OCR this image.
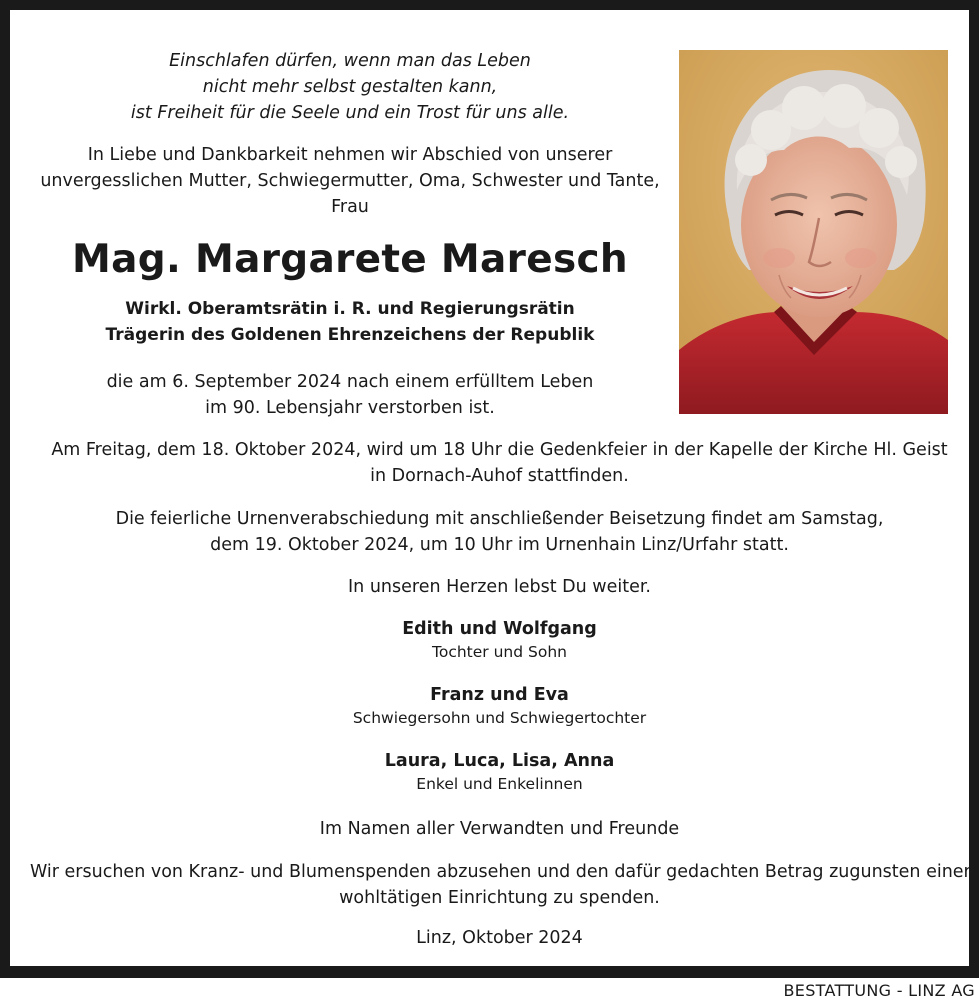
Einschlafen dürfen, wenn man das Leben
nicht mehr selbst gestalten kann,
ist Freiheit für die Seele und ein Trost für uns alle.
In Liebe und Dankbarkeit nehmen wir Abschied von unserer
unvergesslichen Mutter, Schwiegermutter, Oma, Schwester und Tante,
Frau
Mag. Margarete Maresch
Wirkl. Oberamtsrätin i. R. und Regierungsrätin
Trägerin des Goldenen Ehrenzeichens der Republik
die am 6. September 2024 nach einem erfülltem Leben
im 90. Lebensjahr verstorben ist.
Am Freitag, dem 18. Oktober 2024, wird um 18 Uhr die Gedenkfeier in der Kapelle der Kirche Hl. Geist
in Dornach-Auhof stattfinden.
Die feierliche Urnenverabschiedung mit anschließender Beisetzung findet am Samstag,
dem 19. Oktober 2024, um 10 Uhr im Urnenhain Linz/Urfahr statt.
In unseren Herzen lebst Du weiter.
Edith und Wolfgang
Tochter und Sohn
Franz und Eva
Schwiegersohn und Schwiegertochter
Laura, Luca, Lisa, Anna
Enkel und Enkelinnen
Im Namen aller Verwandten und Freunde
Wir ersuchen von Kranz- und Blumenspenden abzusehen und den dafür gedachten Betrag zugunsten einer
wohltätigen Einrichtung zu spenden.
Linz, Oktober 2024
BESTATTUNG - LINZ AG
